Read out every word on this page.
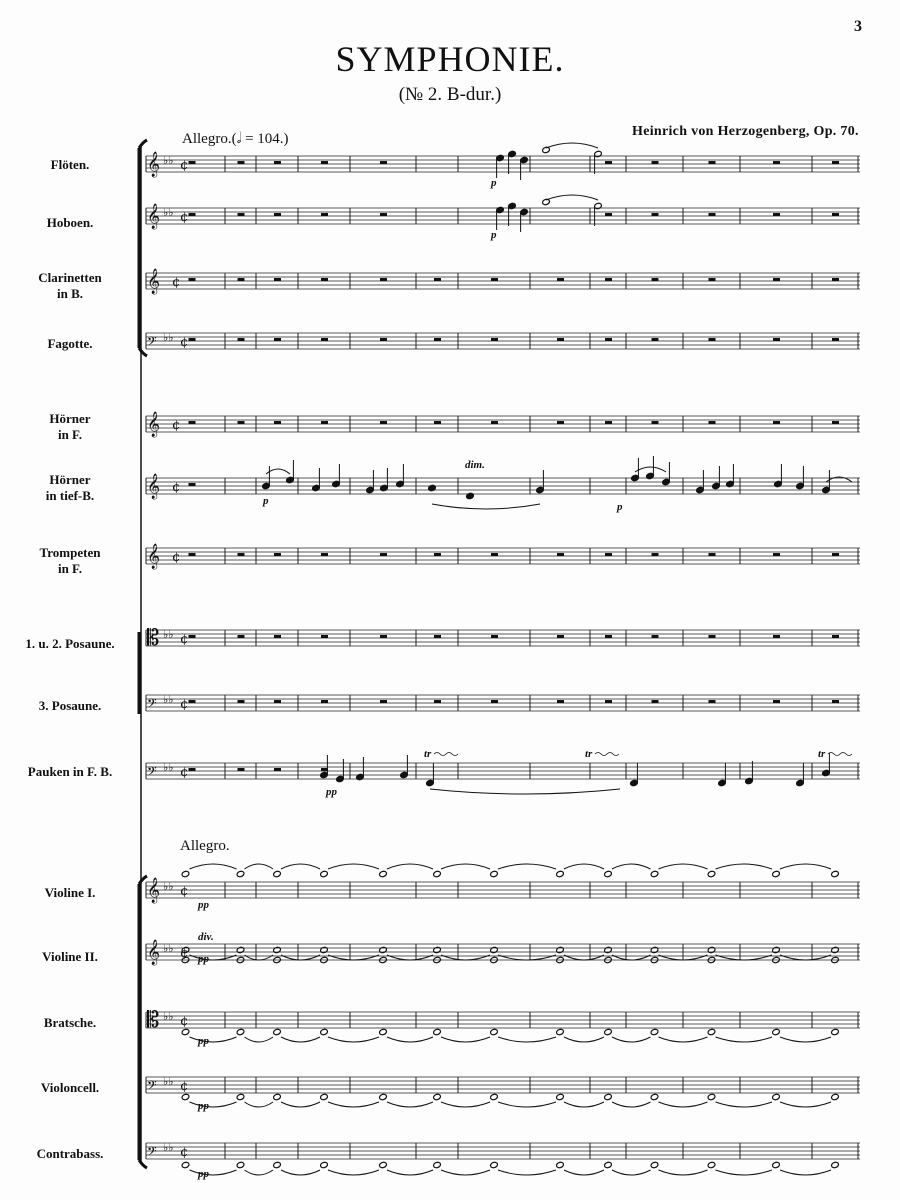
3
SYMPHONIE.
(№ 2. B-dur.)
Heinrich von Herzogenberg, Op. 70.
Allegro.(𝅗𝅥 = 104.)
Allegro.
Flöten.
Hoboen.
Clarinetten
in B.
Fagotte.
Hörner
in F.
Hörner
in tief-B.
Trompeten
in F.
1. u. 2. Posaune.
3. Posaune.
Pauken in F. B.
Violine I.
Violine II.
Bratsche.
Violoncell.
Contrabass.
𝄞 ♭♭ ¢
𝄞 ♭♭ ¢
𝄞 ¢
𝄢 ♭♭ ¢
𝄞 ¢
𝄞 ¢
𝄞 ¢
𝄡 ♭♭ ¢
𝄢 ♭♭ ¢
𝄢 ♭♭ ¢
𝄞 ♭♭ ¢
𝄞 ♭♭ ¢
𝄡 ♭♭ ¢
𝄢 ♭♭ ¢
𝄢 ♭♭ ¢
p
p
p	p
dim.
pp
tr	tr	tr
pp
pp
pp
pp
pp
div.
